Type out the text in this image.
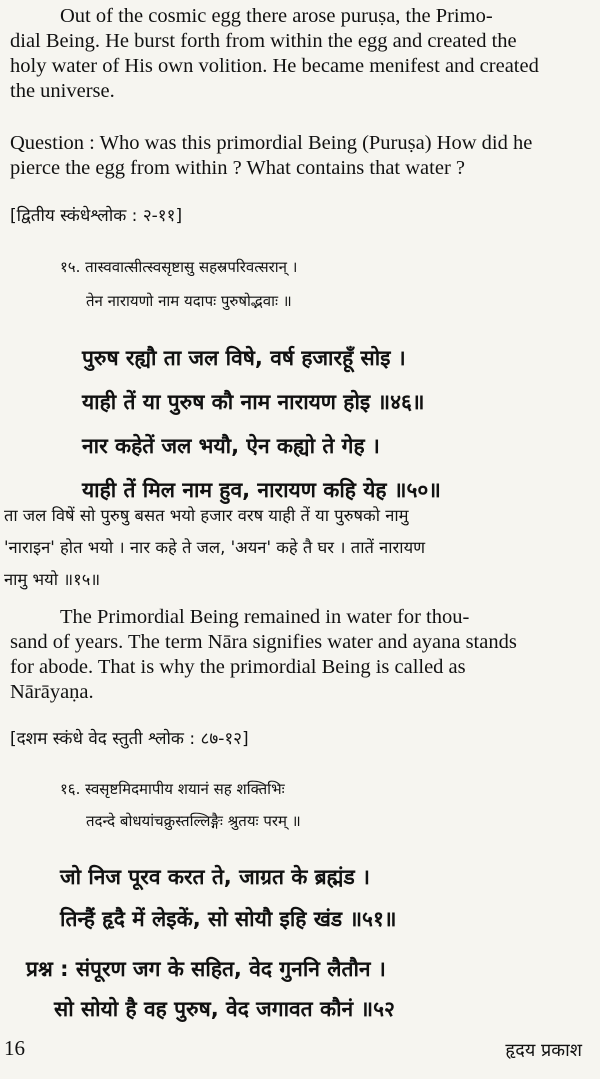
Out of the cosmic egg there arose puruṣa, the Primo-
dial Being. He burst forth from within the egg and created the
holy water of His own volition. He became menifest and created
the universe.

Question : Who was this primordial Being (Puruṣa) How did he
pierce the egg from within ? What contains that water ?

[द्वितीय स्कंधेश्लोक : २-११]
१५. तास्ववात्सीत्स्वसृष्टासु सहस्रपरिवत्सरान् ।
तेन नारायणो नाम यदापः पुरुषोद्भवाः ॥
पुरुष रह्यौ ता जल विषे, वर्ष हजारहूँ सोइ ।
याही तें या पुरुष कौ नाम नारायण होइ ॥४६॥
नार कहेतें जल भयौ, ऐन कह्यो ते गेह ।
याही तें मिल नाम हुव, नारायण कहि येह ॥५०॥
ता जल विषें सो पुरुषु बसत भयो हजार वरष याही तें या पुरुषको नामु
'नाराइन' होत भयो । नार कहे ते जल, 'अयन' कहे तै घर । तातें नारायण
नामु भयो ॥१५॥

The Primordial Being remained in water for thou-
sand of years. The term Nāra signifies water and ayana stands
for abode. That is why the primordial Being is called as
Nārāyaṇa.

[दशम स्कंधे वेद स्तुती श्लोक : ८७-१२]
१६. स्वसृष्टमिदमापीय शयानं सह शक्तिभिः
तदन्दे बोधयांचक्रुस्तल्लिङ्गैः श्रुतयः परम् ॥
जो निज पूरव करत ते, जाग्रत के ब्रह्मंड ।
तिन्हैं हृदै में लेइकें, सो सोयौ इहि खंड ॥५१॥
प्रश्न : संपूरण जग के सहित, वेद गुननि लैतौन ।
सो सोयो है वह पुरुष, वेद जगावत कौनं ॥५२
16	हृदय प्रकाश
